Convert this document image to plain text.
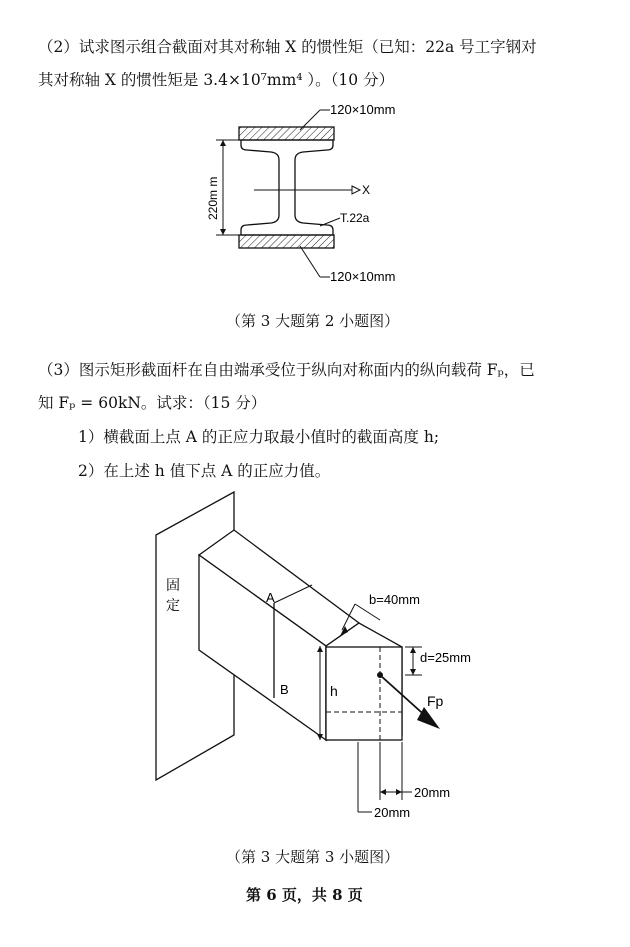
（2）试求图示组合截面对其对称轴 X 的惯性矩（已知：22a 号工字钢对
其对称轴 X 的惯性矩是 3.4×10⁷mm⁴ ）。（10 分）
120×10mm
120×10mm
X
T.22a
220m m
（第 3 大题第 2 小题图）
（3）图示矩形截面杆在自由端承受位于纵向对称面内的纵向载荷 Fₚ，已
知 Fₚ = 60kN。试求：（15 分）
1）横截面上点 A 的正应力取最小值时的截面高度 h;
2）在上述 h 值下点 A 的正应力值。
A
B	h
b=40mm
d=25mm
Fp
20mm
20mm
固
定
（第 3 大题第 3 小题图）
第 6 页，共 8 页
